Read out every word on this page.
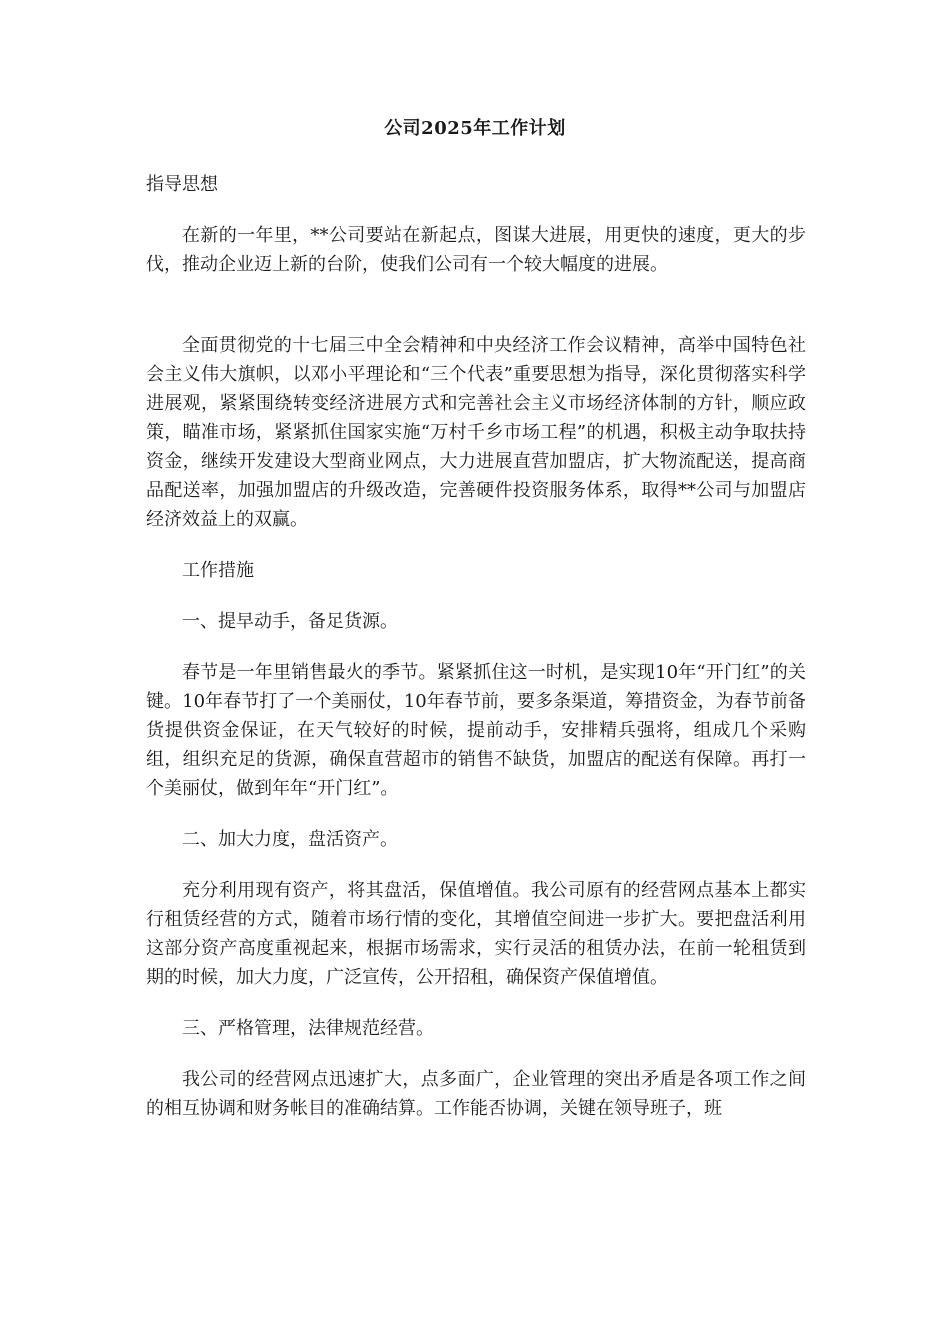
公司2025年工作计划

指导思想

在新的一年里，**公司要站在新起点，图谋大进展，用更快的速度，更大的步伐，推动企业迈上新的台阶，使我们公司有一个较大幅度的进展。

全面贯彻党的十七届三中全会精神和中央经济工作会议精神，高举中国特色社会主义伟大旗帜，以邓小平理论和“三个代表”重要思想为指导，深化贯彻落实科学进展观，紧紧围绕转变经济进展方式和完善社会主义市场经济体制的方针，顺应政策，瞄准市场，紧紧抓住国家实施“万村千乡市场工程”的机遇，积极主动争取扶持资金，继续开发建设大型商业网点，大力进展直营加盟店，扩大物流配送，提高商品配送率，加强加盟店的升级改造，完善硬件投资服务体系，取得**公司与加盟店经济效益上的双赢。

工作措施

一、提早动手，备足货源。

春节是一年里销售最火的季节。紧紧抓住这一时机，是实现10年“开门红”的关键。10年春节打了一个美丽仗，10年春节前，要多条渠道，筹措资金，为春节前备货提供资金保证，在天气较好的时候，提前动手，安排精兵强将，组成几个采购组，组织充足的货源，确保直营超市的销售不缺货，加盟店的配送有保障。再打一个美丽仗，做到年年“开门红”。

二、加大力度，盘活资产。

充分利用现有资产，将其盘活，保值增值。我公司原有的经营网点基本上都实行租赁经营的方式，随着市场行情的变化，其增值空间进一步扩大。要把盘活利用这部分资产高度重视起来，根据市场需求，实行灵活的租赁办法，在前一轮租赁到期的时候，加大力度，广泛宣传，公开招租，确保资产保值增值。

三、严格管理，法律规范经营。

我公司的经营网点迅速扩大，点多面广，企业管理的突出矛盾是各项工作之间的相互协调和财务帐目的准确结算。工作能否协调，关键在领导班子，班
